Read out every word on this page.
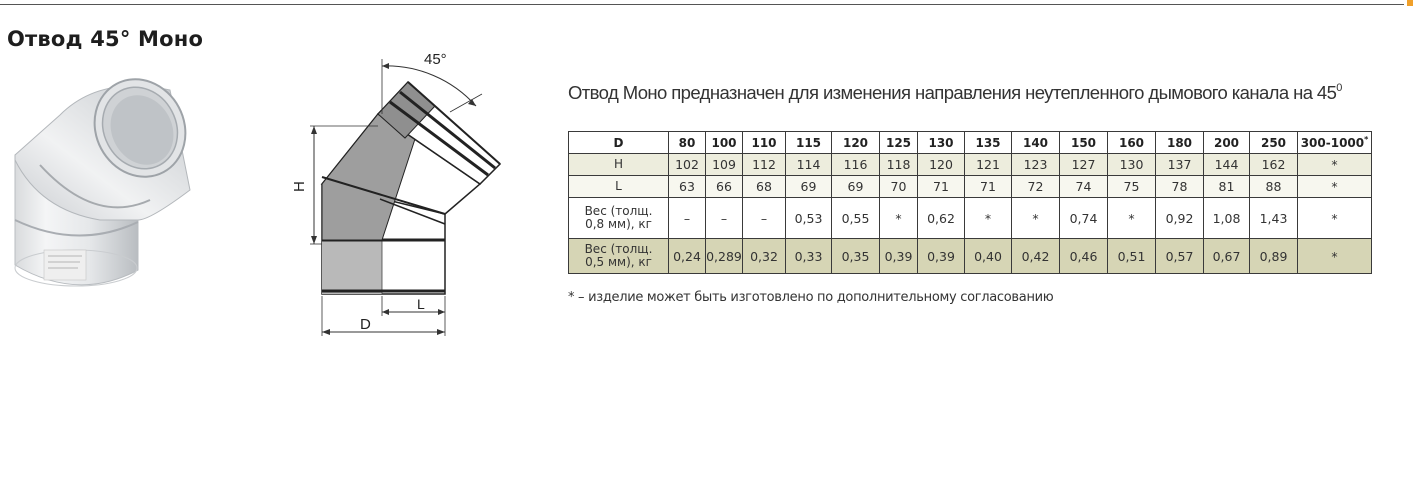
Отвод 45° Моно
45°
H
D
L
Отвод Моно предназначен для изменения направления неутепленного дымового канала на $45^0$
D	80	100	110	115	120	125	130	135	140	150	160	180	200	250	300-1000*
H	102	109	112	114	116	118	120	121	123	127	130	137	144	162	*
L	63	66	68	69	69	70	71	71	72	74	75	78	81	88	*
Вес (толщ.
0,8 мм), кг	–	–	–	0,53	0,55	*	0,62	*	*	0,74	*	0,92	1,08	1,43	*
Вес (толщ.
0,5 мм), кг	0,24	0,289	0,32	0,33	0,35	0,39	0,39	0,40	0,42	0,46	0,51	0,57	0,67	0,89	*
* – изделие может быть изготовлено по дополнительному согласованию
